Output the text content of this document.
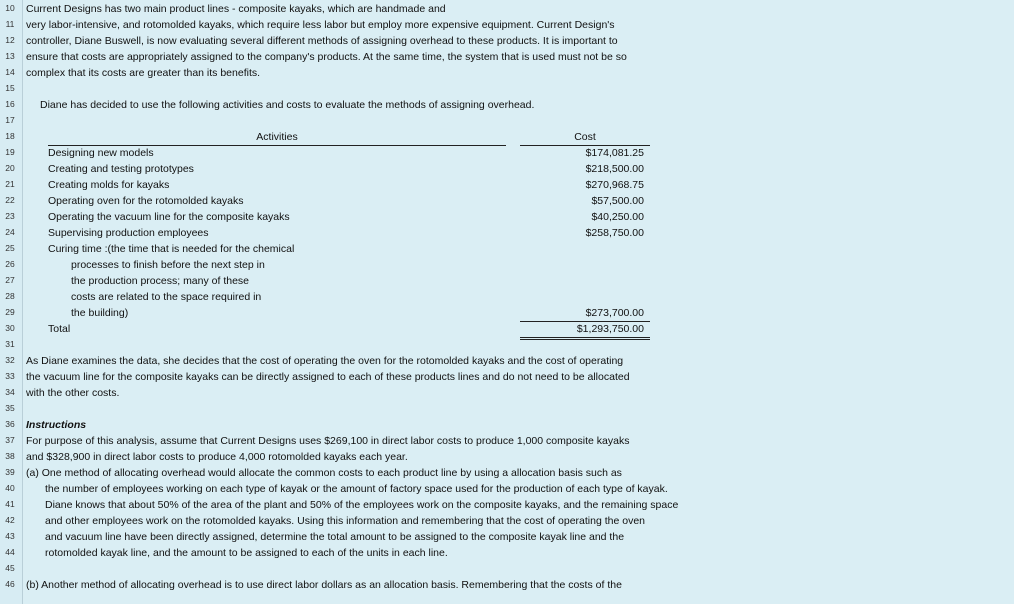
10
11
12
13
14
15
16
17
18
19
20
21
22
23
24
25
26
27
28
29
30
31
32
33
34
35
36
37
38
39
40
41
42
43
44
45
46
Current Designs has two main product lines - composite kayaks, which are handmade and
very labor-intensive, and rotomolded kayaks, which require less labor but employ more expensive equipment. Current Design's
controller, Diane Buswell, is now evaluating several different methods of assigning overhead to these products. It is important to
ensure that costs are appropriately assigned to the company's products. At the same time, the system that is used must not be so
complex that its costs are greater than its benefits.
Diane has decided to use the following activities and costs to evaluate the methods of assigning overhead.
Activities	Cost
Designing new models	$174,081.25
Creating and testing prototypes	$218,500.00
Creating molds for kayaks	$270,968.75
Operating oven for the rotomolded kayaks	$57,500.00
Operating the vacuum line for the composite kayaks	$40,250.00
Supervising production employees	$258,750.00
Curing time :(the time that is needed for the chemical
processes to finish before the next step in
the production process; many of these
costs are related to the space required in
the building)	$273,700.00
Total	$1,293,750.00
As Diane examines the data, she decides that the cost of operating the oven for the rotomolded kayaks and the cost of operating
the vacuum line for the composite kayaks can be directly assigned to each of these products lines and do not need to be allocated
with the other costs.
Instructions
For purpose of this analysis, assume that Current Designs uses $269,100 in direct labor costs to produce 1,000 composite kayaks
and $328,900 in direct labor costs to produce 4,000 rotomolded kayaks each year.
(a) One method of allocating overhead would allocate the common costs to each product line by using a allocation basis such as
the number of employees working on each type of kayak or the amount of factory space used for the production of each type of kayak.
Diane knows that about 50% of the area of the plant and 50% of the employees work on the composite kayaks, and the remaining space
and other employees work on the rotomolded kayaks. Using this information and remembering that the cost of operating the oven
and vacuum line have been directly assigned, determine the total amount to be assigned to the composite kayak line and the
rotomolded kayak line, and the amount to be assigned to each of the units in each line.
(b) Another method of allocating overhead is to use direct labor dollars as an allocation basis. Remembering that the costs of the
